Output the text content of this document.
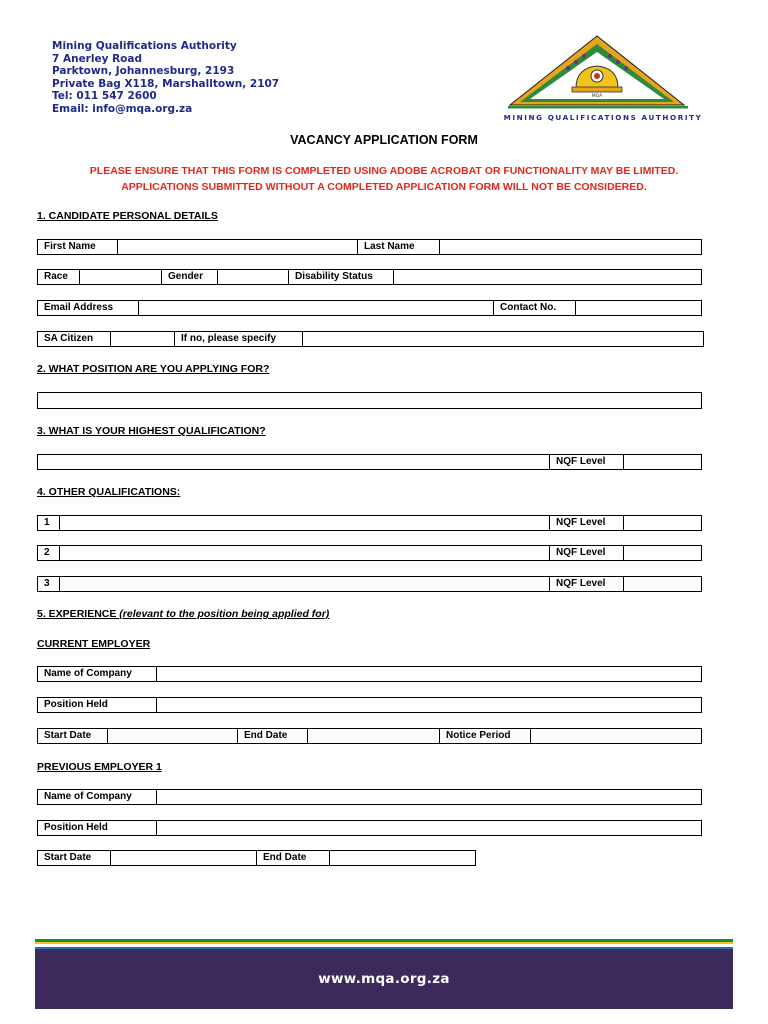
Mining Qualifications Authority
7 Anerley Road
Parktown, Johannesburg, 2193
Private Bag X118, Marshalltown, 2107
Tel: 011 547 2600
Email: info@mqa.org.za
MQA
MINING QUALIFICATIONS AUTHORITY
VACANCY APPLICATION FORM
PLEASE ENSURE THAT THIS FORM IS COMPLETED USING ADOBE ACROBAT OR FUNCTIONALITY MAY BE LIMITED.
APPLICATIONS SUBMITTED WITHOUT A COMPLETED APPLICATION FORM WILL NOT BE CONSIDERED.
1. CANDIDATE PERSONAL DETAILS
First Name	Last Name
Race	Gender	Disability Status
Email Address	Contact No.
SA Citizen	If no, please specify
2. WHAT POSITION ARE YOU APPLYING FOR?
3. WHAT IS YOUR HIGHEST QUALIFICATION?
NQF Level
4. OTHER QUALIFICATIONS:
1	NQF Level
2	NQF Level
3	NQF Level
5. EXPERIENCE (relevant to the position being applied for)
CURRENT EMPLOYER
Name of Company
Position Held
Start Date	End Date	Notice Period
PREVIOUS EMPLOYER 1
Name of Company
Position Held
Start Date	End Date
www.mqa.org.za
